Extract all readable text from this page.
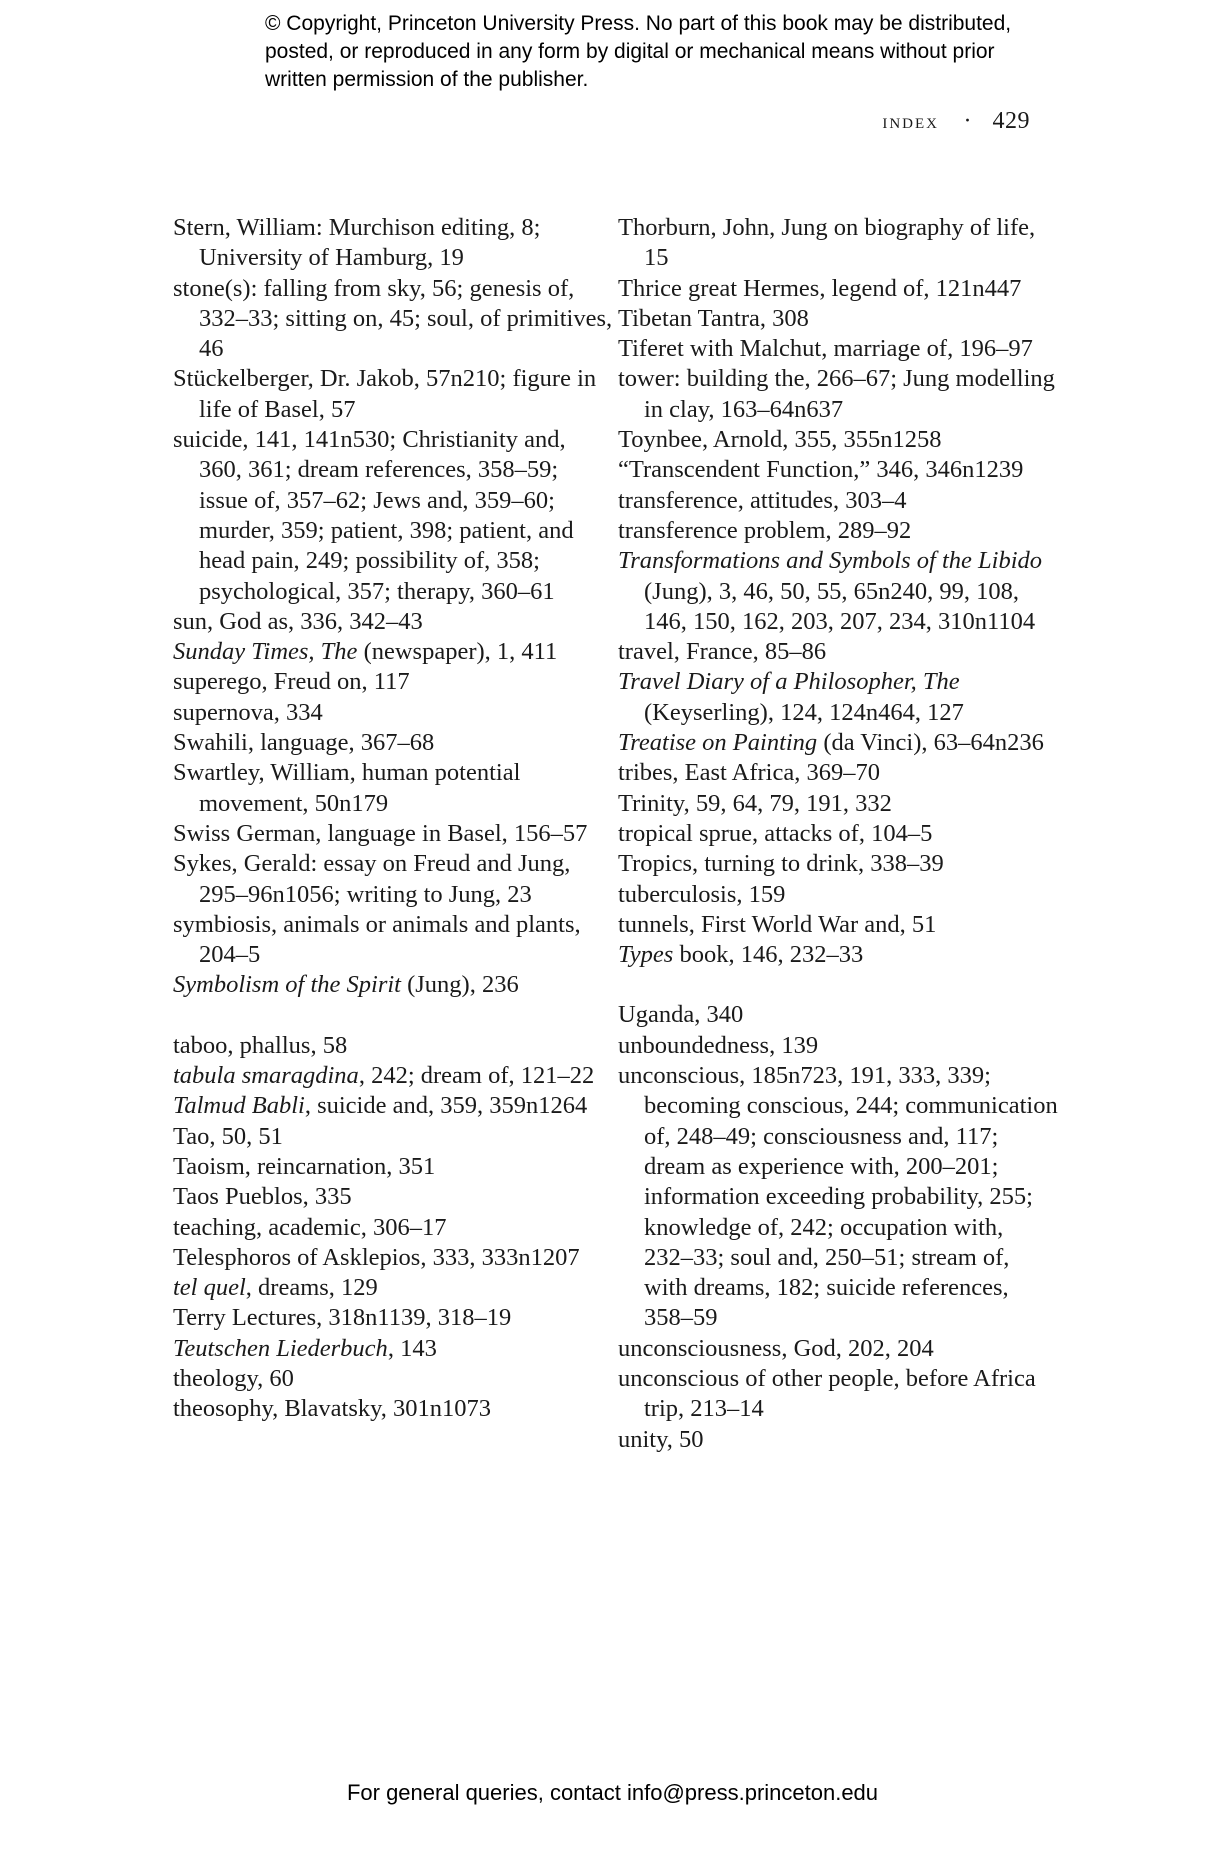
© Copyright, Princeton University Press. No part of this book may be distributed, posted, or reproduced in any form by digital or mechanical means without prior written permission of the publisher.
index · 429
Stern, William: Murchison editing, 8; University of Hamburg, 19
stone(s): falling from sky, 56; genesis of, 332–33; sitting on, 45; soul, of primitives, 46
Stückelberger, Dr. Jakob, 57n210; figure in life of Basel, 57
suicide, 141, 141n530; Christianity and, 360, 361; dream references, 358–59; issue of, 357–62; Jews and, 359–60; murder, 359; patient, 398; patient, and head pain, 249; possibility of, 358; psychological, 357; therapy, 360–61
sun, God as, 336, 342–43
Sunday Times, The (newspaper), 1, 411
superego, Freud on, 117
supernova, 334
Swahili, language, 367–68
Swartley, William, human potential movement, 50n179
Swiss German, language in Basel, 156–57
Sykes, Gerald: essay on Freud and Jung, 295–96n1056; writing to Jung, 23
symbiosis, animals or animals and plants, 204–5
Symbolism of the Spirit (Jung), 236
taboo, phallus, 58
tabula smaragdina, 242; dream of, 121–22
Talmud Babli, suicide and, 359, 359n1264
Tao, 50, 51
Taoism, reincarnation, 351
Taos Pueblos, 335
teaching, academic, 306–17
Telesphoros of Asklepios, 333, 333n1207
tel quel, dreams, 129
Terry Lectures, 318n1139, 318–19
Teutschen Liederbuch, 143
theology, 60
theosophy, Blavatsky, 301n1073
Thorburn, John, Jung on biography of life, 15
Thrice great Hermes, legend of, 121n447
Tibetan Tantra, 308
Tiferet with Malchut, marriage of, 196–97
tower: building the, 266–67; Jung modelling in clay, 163–64n637
Toynbee, Arnold, 355, 355n1258
“Transcendent Function,” 346, 346n1239
transference, attitudes, 303–4
transference problem, 289–92
Transformations and Symbols of the Libido (Jung), 3, 46, 50, 55, 65n240, 99, 108, 146, 150, 162, 203, 207, 234, 310n1104
travel, France, 85–86
Travel Diary of a Philosopher, The (Keyserling), 124, 124n464, 127
Treatise on Painting (da Vinci), 63–64n236
tribes, East Africa, 369–70
Trinity, 59, 64, 79, 191, 332
tropical sprue, attacks of, 104–5
Tropics, turning to drink, 338–39
tuberculosis, 159
tunnels, First World War and, 51
Types book, 146, 232–33
Uganda, 340
unboundedness, 139
unconscious, 185n723, 191, 333, 339; becoming conscious, 244; communication of, 248–49; consciousness and, 117; dream as experience with, 200–201; information exceeding probability, 255; knowledge of, 242; occupation with, 232–33; soul and, 250–51; stream of, with dreams, 182; suicide references, 358–59
unconsciousness, God, 202, 204
unconscious of other people, before Africa trip, 213–14
unity, 50
For general queries, contact info@press.princeton.edu
